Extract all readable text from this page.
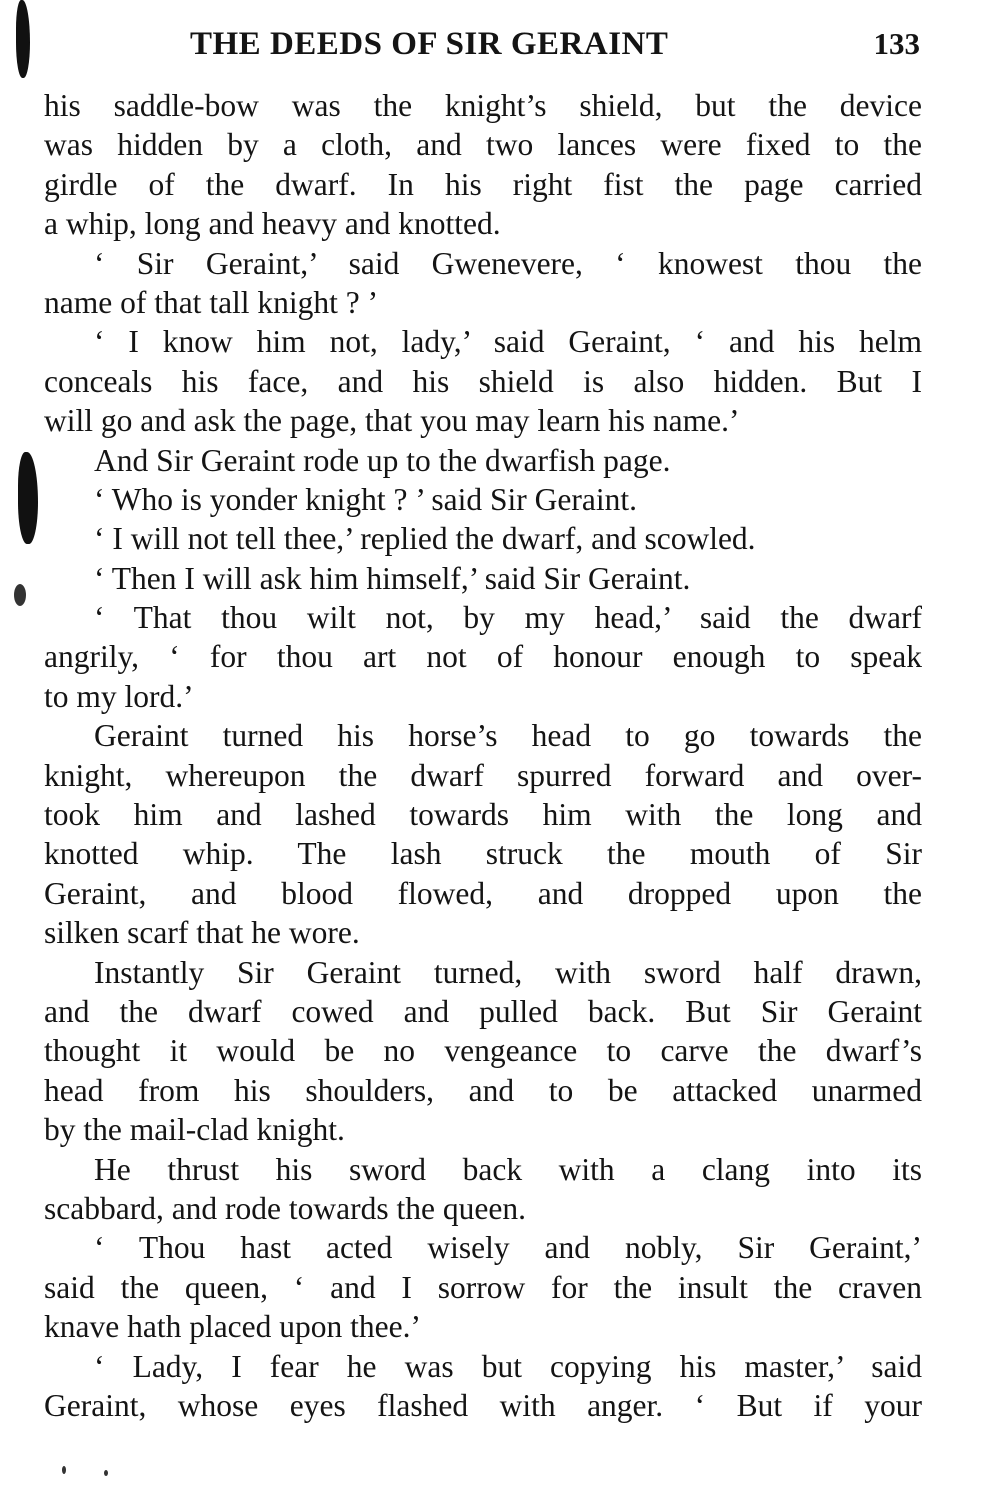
THE DEEDS OF SIR GERAINT	133
his saddle-bow was the knight’s shield, but the device
was hidden by a cloth, and two lances were fixed to the
girdle of the dwarf. In his right fist the page carried
a whip, long and heavy and knotted.
‘ Sir Geraint,’ said Gwenevere, ‘ knowest thou the
name of that tall knight ? ’
‘ I know him not, lady,’ said Geraint, ‘ and his helm
conceals his face, and his shield is also hidden. But I
will go and ask the page, that you may learn his name.’
And Sir Geraint rode up to the dwarfish page.
‘ Who is yonder knight ? ’ said Sir Geraint.
‘ I will not tell thee,’ replied the dwarf, and scowled.
‘ Then I will ask him himself,’ said Sir Geraint.
‘ That thou wilt not, by my head,’ said the dwarf
angrily, ‘ for thou art not of honour enough to speak
to my lord.’
Geraint turned his horse’s head to go towards the
knight, whereupon the dwarf spurred forward and over-
took him and lashed towards him with the long and
knotted whip. The lash struck the mouth of Sir
Geraint, and blood flowed, and dropped upon the
silken scarf that he wore.
Instantly Sir Geraint turned, with sword half drawn,
and the dwarf cowed and pulled back. But Sir Geraint
thought it would be no vengeance to carve the dwarf’s
head from his shoulders, and to be attacked unarmed
by the mail-clad knight.
He thrust his sword back with a clang into its
scabbard, and rode towards the queen.
‘ Thou hast acted wisely and nobly, Sir Geraint,’
said the queen, ‘ and I sorrow for the insult the craven
knave hath placed upon thee.’
‘ Lady, I fear he was but copying his master,’ said
Geraint, whose eyes flashed with anger. ‘ But if your
